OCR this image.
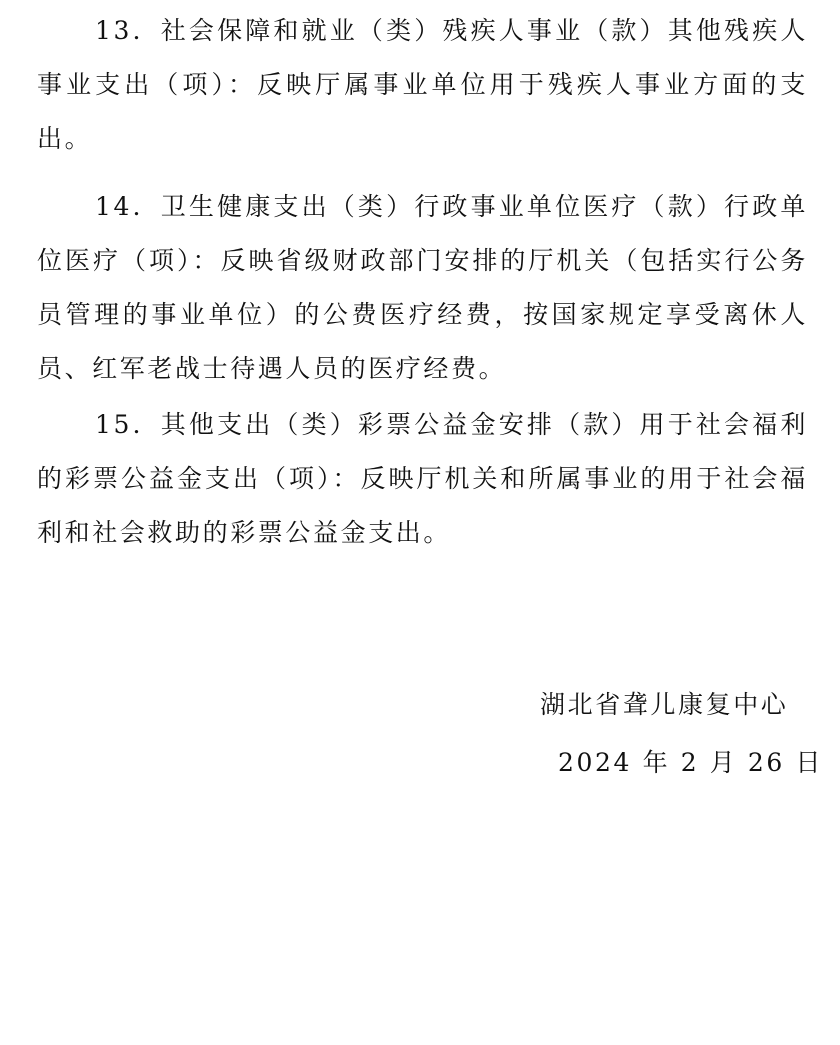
13．社会保障和就业（类）残疾人事业（款）其他残疾人事业支出（项）：反映厅属事业单位用于残疾人事业方面的支出。

14．卫生健康支出（类）行政事业单位医疗（款）行政单位医疗（项）：反映省级财政部门安排的厅机关（包括实行公务员管理的事业单位）的公费医疗经费，按国家规定享受离休人员、红军老战士待遇人员的医疗经费。

15．其他支出（类）彩票公益金安排（款）用于社会福利的彩票公益金支出（项）：反映厅机关和所属事业的用于社会福利和社会救助的彩票公益金支出。

湖北省聋儿康复中心
2024 年 2 月 26 日
